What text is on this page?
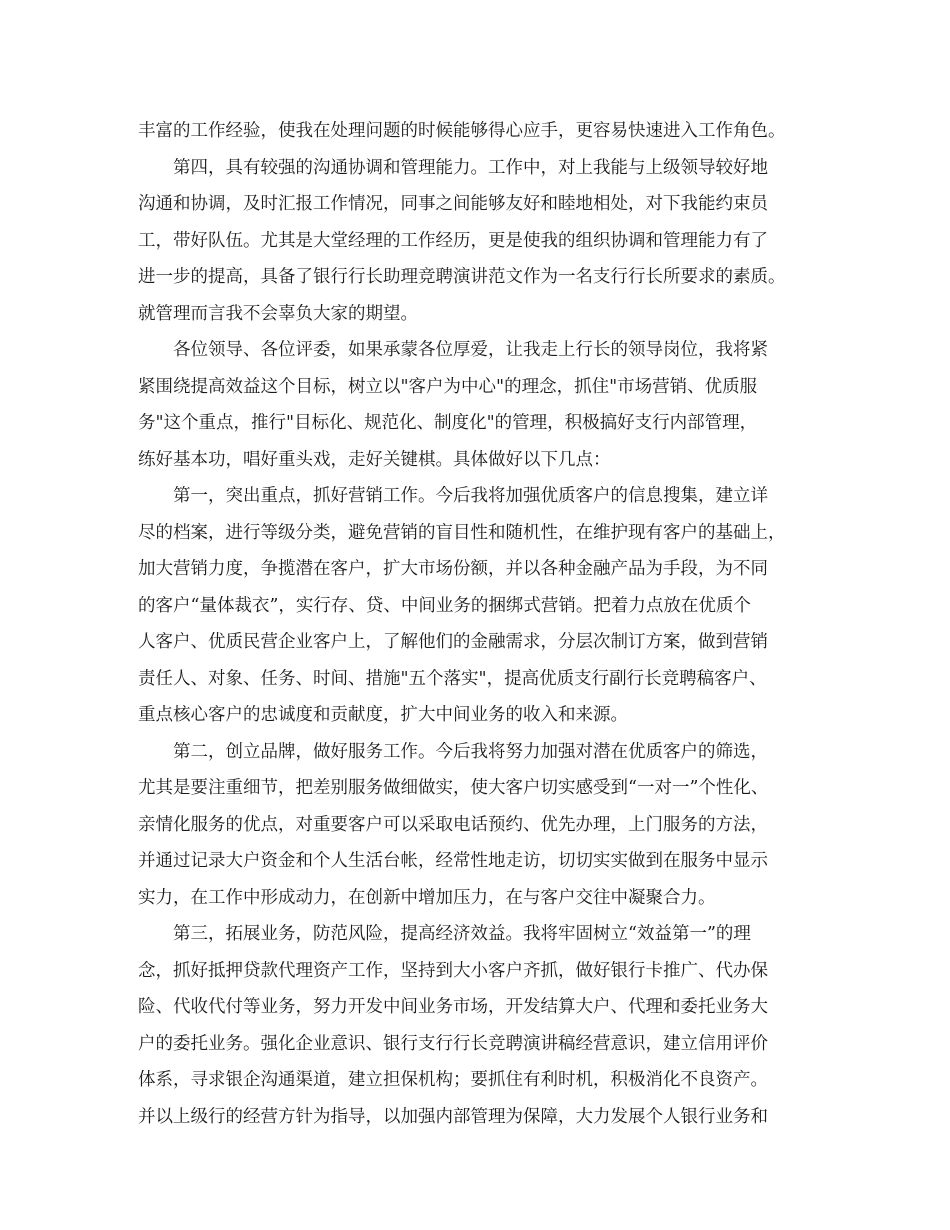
丰富的工作经验，使我在处理问题的时候能够得心应手，更容易快速进入工作角色。
第四，具有较强的沟通协调和管理能力。工作中，对上我能与上级领导较好地
沟通和协调，及时汇报工作情况，同事之间能够友好和睦地相处，对下我能约束员
工，带好队伍。尤其是大堂经理的工作经历，更是使我的组织协调和管理能力有了
进一步的提高，具备了银行行长助理竞聘演讲范文作为一名支行行长所要求的素质。
就管理而言我不会辜负大家的期望。
各位领导、各位评委，如果承蒙各位厚爱，让我走上行长的领导岗位，我将紧
紧围绕提高效益这个目标，树立以"客户为中心"的理念，抓住"市场营销、优质服
务"这个重点，推行"目标化、规范化、制度化"的管理，积极搞好支行内部管理，
练好基本功，唱好重头戏，走好关键棋。具体做好以下几点：
第一，突出重点，抓好营销工作。今后我将加强优质客户的信息搜集，建立详
尽的档案，进行等级分类，避免营销的盲目性和随机性，在维护现有客户的基础上，
加大营销力度，争揽潜在客户，扩大市场份额，并以各种金融产品为手段，为不同
的客户“量体裁衣”，实行存、贷、中间业务的捆绑式营销。把着力点放在优质个
人客户、优质民营企业客户上，了解他们的金融需求，分层次制订方案，做到营销
责任人、对象、任务、时间、措施"五个落实"，提高优质支行副行长竞聘稿客户、
重点核心客户的忠诚度和贡献度，扩大中间业务的收入和来源。
第二，创立品牌，做好服务工作。今后我将努力加强对潜在优质客户的筛选，
尤其是要注重细节，把差别服务做细做实，使大客户切实感受到“一对一”个性化、
亲情化服务的优点，对重要客户可以采取电话预约、优先办理，上门服务的方法，
并通过记录大户资金和个人生活台帐，经常性地走访，切切实实做到在服务中显示
实力，在工作中形成动力，在创新中增加压力，在与客户交往中凝聚合力。
第三，拓展业务，防范风险，提高经济效益。我将牢固树立“效益第一”的理
念，抓好抵押贷款代理资产工作，坚持到大小客户齐抓，做好银行卡推广、代办保
险、代收代付等业务，努力开发中间业务市场，开发结算大户、代理和委托业务大
户的委托业务。强化企业意识、银行支行行长竞聘演讲稿经营意识，建立信用评价
体系，寻求银企沟通渠道，建立担保机构；要抓住有利时机，积极消化不良资产。
并以上级行的经营方针为指导，以加强内部管理为保障，大力发展个人银行业务和
